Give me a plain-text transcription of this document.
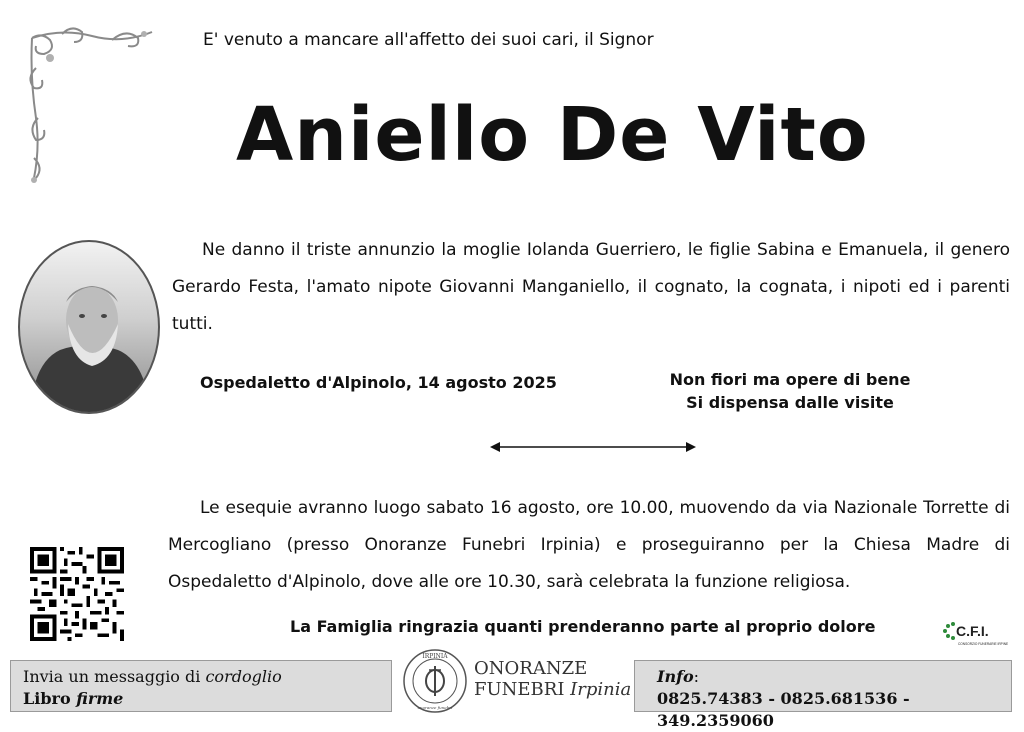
E' venuto a mancare all'affetto dei suoi cari, il Signor
Aniello De Vito
Ne danno il triste annunzio la moglie Iolanda Guerriero, le figlie Sabina e Emanuela, il genero Gerardo Festa, l'amato nipote Giovanni Manganiello, il cognato, la cognata, i nipoti ed i parenti tutti.
Ospedaletto d'Alpinolo, 14 agosto 2025	Non fiori ma opere di bene
Si dispensa dalle visite
Le esequie avranno luogo sabato 16 agosto, ore 10.00, muovendo da via Nazionale Torrette di Mercogliano (presso Onoranze Funebri Irpinia) e proseguiranno per la Chiesa Madre di Ospedaletto d'Alpinolo, dove alle ore 10.30, sarà celebrata la funzione religiosa.
La Famiglia ringrazia quanti prenderanno parte al proprio dolore	C.F.I.
CONSORZIO FUNERARIE IRPINE
Invia un messaggio di cordoglio
Libro firme
IRPINIA
onoranze funebri
ONORANZE
FUNEBRI Irpinia
Info:
0825.74383 - 0825.681536 - 349.2359060
